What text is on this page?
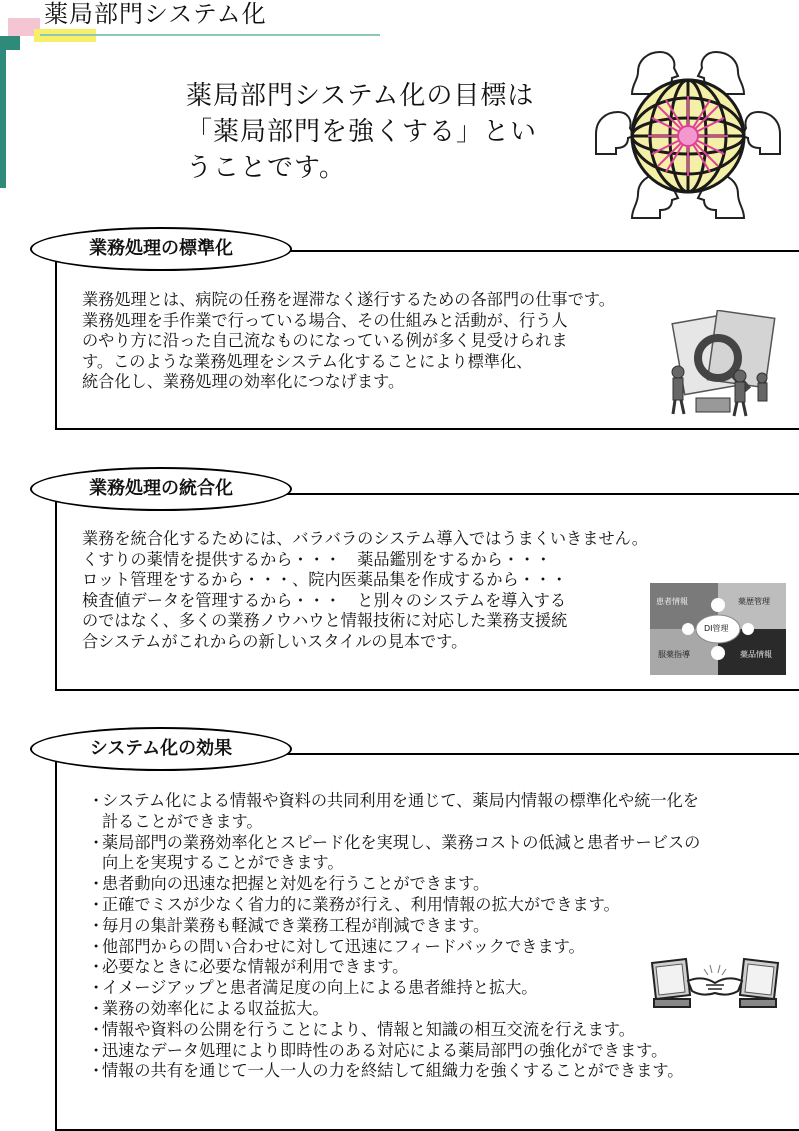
薬局部門システム化
薬局部門システム化の目標は
「薬局部門を強くする」とい
うことです。
業務処理の標準化
業務処理とは、病院の任務を遅滞なく遂行するための各部門の仕事です。
業務処理を手作業で行っている場合、その仕組みと活動が、行う人
のやり方に沿った自己流なものになっている例が多く見受けられま
す。このような業務処理をシステム化することにより標準化、
統合化し、業務処理の効率化につなげます。
業務処理の統合化
業務を統合化するためには、バラバラのシステム導入ではうまくいきません。
くすりの薬情を提供するから・・・　薬品鑑別をするから・・・
ロット管理をするから・・・、院内医薬品集を作成するから・・・
検査値データを管理するから・・・　と別々のシステムを導入する
のではなく、多くの業務ノウハウと情報技術に対応した業務支援統
合システムがこれからの新しいスタイルの見本です。
患者情報	薬歴管理
DI管理
服薬指導	薬品情報
システム化の効果
・
システム化による情報や資料の共同利用を通じて、薬局内情報の標準化や統一化を
計ることができます。
・
薬局部門の業務効率化とスピード化を実現し、業務コストの低減と患者サービスの
向上を実現することができます。
・
患者動向の迅速な把握と対処を行うことができます。
・
正確でミスが少なく省力的に業務が行え、利用情報の拡大ができます。
・
毎月の集計業務も軽減でき業務工程が削減できます。
・
他部門からの問い合わせに対して迅速にフィードバックできます。
・
必要なときに必要な情報が利用できます。
・
イメージアップと患者満足度の向上による患者維持と拡大。
・
業務の効率化による収益拡大。
・
情報や資料の公開を行うことにより、情報と知識の相互交流を行えます。
・
迅速なデータ処理により即時性のある対応による薬局部門の強化ができます。
・
情報の共有を通じて一人一人の力を終結して組織力を強くすることができます。
